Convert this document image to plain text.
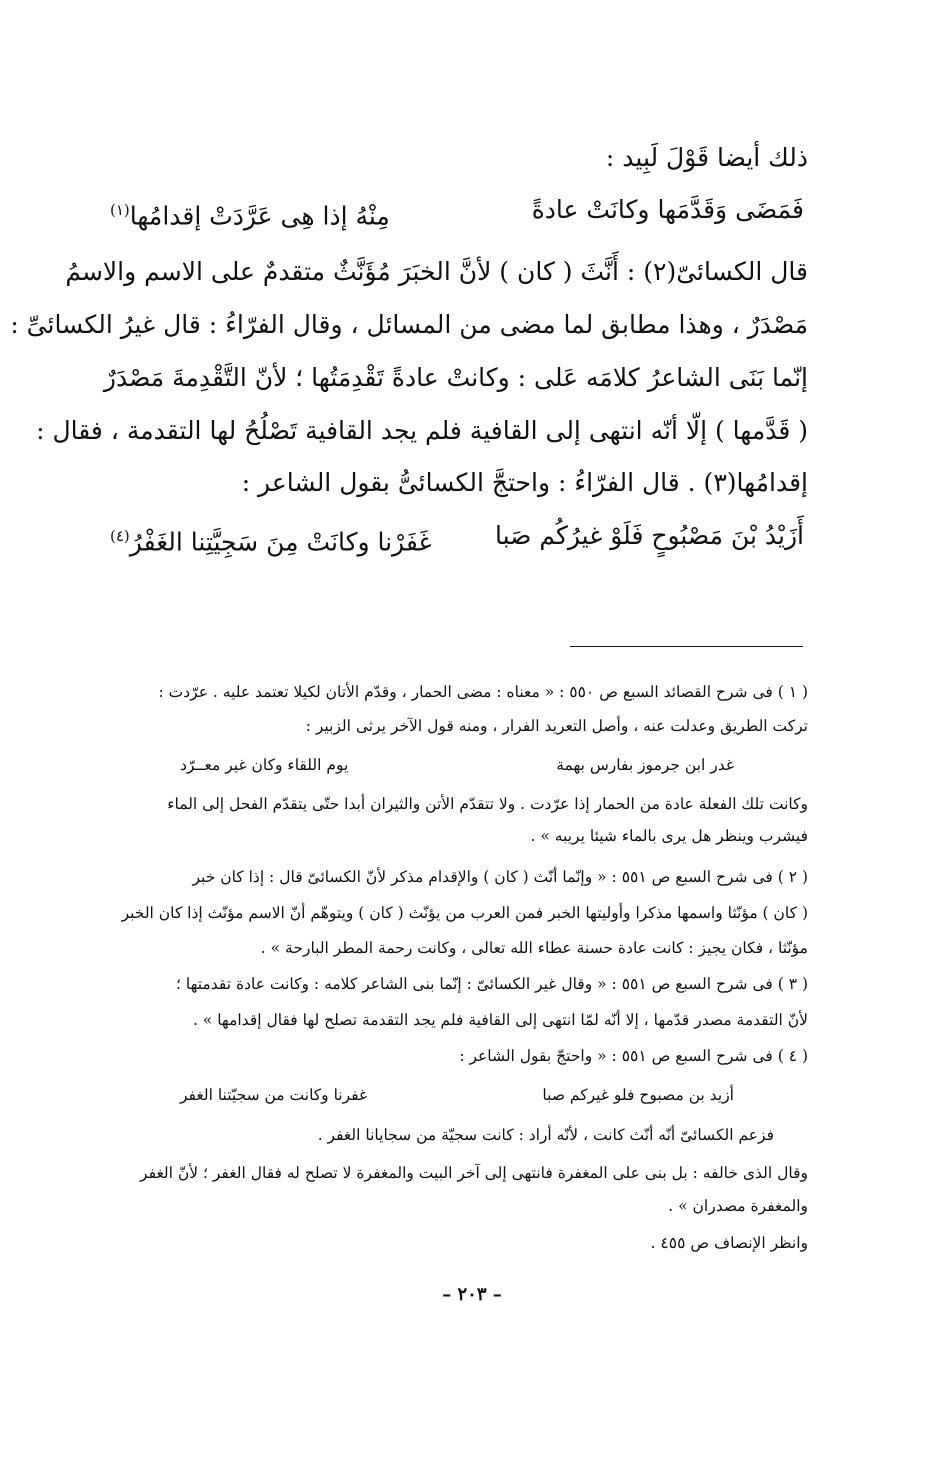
ذلك أيضا قَوْلَ لَبِيد :
فَمَضَى وَقَدَّمَها وكانَتْ عادةً
مِنْهُ إذا هِى عَرَّدَتْ إقدامُها$^{(١)}$
قال الكسائىّ(٢) : أَنَّثَ ( كان ) لأنَّ الخبَرَ مُؤَنَّثٌ متقدمٌ على الاسم والاسمُ
مَصْدَرٌ ، وهذا مطابق لما مضى من المسائل ، وقال الفرّاءُ : قال غيرُ الكسائىِّ :
إنّما بَنَى الشاعرُ كلامَه عَلى : وكانتْ عادةً تَقْدِمَتُها ؛ لأنّ التَّقْدِمةَ مَصْدَرٌ
( قَدَّمها ) إلّا أنّه انتهى إلى القافية فلم يجد القافية تَصْلُحُ لها التقدمة ، فقال :
إقدامُها(٣) . قال الفرّاءُ : واحتجَّ الكسائىُّ بقول الشاعر :
أَزَيْدُ بْنَ مَصْبُوحٍ فَلَوْ غيرُكُم صَبا
غَفَرْنا وكانَتْ مِنَ سَجِيَّتِنا الغَفْرُ$^{(٤)}$
( ١ ) فى شرح القصائد السبع ص ٥٥٠ : « معناه : مضى الحمار ، وقدّم الأتان لكيلا تعتمد عليه . عرّدت :
تركت الطريق وعدلت عنه ، وأصل التعريد الفرار ، ومنه قول الآخر يرثى الزبير :
غدر ابن جرموز بفارس بهمة
يوم اللقاء وكان غير معــرّد
وكانت تلك الفعلة عادة من الحمار إذا عرّدت . ولا تتقدّم الأتن والثيران أبدا حتّى يتقدّم الفحل إلى الماء
فيشرب وينظر هل يرى بالماء شيئا يريبه » .
( ٢ ) فى شرح السبع ص ٥٥١ : « وإنّما أنّث ( كان ) والإقدام مذكر لأنّ الكسائىّ قال : إذا كان خبر
( كان ) مؤنّثا واسمها مذكرا وأوليتها الخبر فمن العرب من يؤنّث ( كان ) ويتوهّم أنّ الاسم مؤنّث إذا كان الخبر
مؤنّثا ، فكان يجيز : كانت عادة حسنة عطاء الله تعالى ، وكانت رحمة المطر البارحة » .
( ٣ ) فى شرح السبع ص ٥٥١ : « وقال غير الكسائىّ : إنّما بنى الشاعر كلامه : وكانت عادة تقدمتها ؛
لأنّ التقدمة مصدر قدّمها ، إلا أنّه لمّا انتهى إلى القافية فلم يجد التقدمة تصلح لها فقال إقدامها » .
( ٤ ) فى شرح السبع ص ٥٥١ : « واحتجّ بقول الشاعر :
أزيد بن مصبوح فلو غيركم صبا
غفرنا وكانت من سجيّتنا الغفر
فزعم الكسائىّ أنّه أنّث كانت ، لأنّه أراد : كانت سجيّة من سجايانا الغفر .
وقال الذى خالفه : بل بنى على المغفرة فانتهى إلى آخر البيت والمغفرة لا تصلح له فقال الغفر ؛ لأنّ الغفر
والمغفرة مصدران » .
وانظر الإنصاف ص ٤٥٥ .
– ٢٠٣ –
